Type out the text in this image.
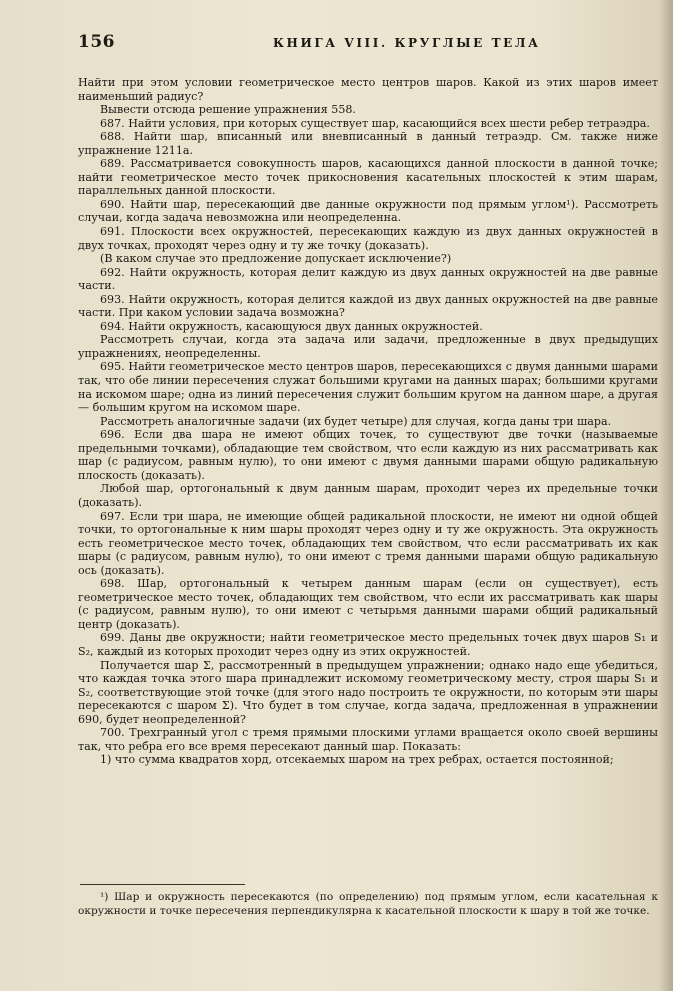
156	КНИГА VIII. КРУГЛЫЕ ТЕЛА

Найти при этом условии геометрическое место центров шаров. Какой из этих шаров имеет наименьший радиус?

Вывести отсюда решение упражнения 558.

687. Найти условия, при которых существует шар, касающийся всех шести ребер тетраэдра.

688. Найти шар, вписанный или вневписанный в данный тетраэдр. См. также ниже упражнение 1211а.

689. Рассматривается совокупность шаров, касающихся данной плоскости в данной точке; найти геометрическое место точек прикосновения касательных плоскостей к этим шарам, параллельных данной плоскости.

690. Найти шар, пересекающий две данные окружности под прямым углом¹). Рассмотреть случаи, когда задача невозможна или неопределенна.

691. Плоскости всех окружностей, пересекающих каждую из двух данных окружностей в двух точках, проходят через одну и ту же точку (доказать).

(В каком случае это предложение допускает исключение?)

692. Найти окружность, которая делит каждую из двух данных окружностей на две равные части.

693. Найти окружность, которая делится каждой из двух данных окружностей на две равные части. При каком условии задача возможна?

694. Найти окружность, касающуюся двух данных окружностей.

Рассмотреть случаи, когда эта задача или задачи, предложенные в двух предыдущих упражнениях, неопределенны.

695. Найти геометрическое место центров шаров, пересекающихся с двумя данными шарами так, что обе линии пересечения служат большими кругами на данных шарах; большими кругами на искомом шаре; одна из линий пересечения служит большим кругом на данном шаре, а другая — большим кругом на искомом шаре.

Рассмотреть аналогичные задачи (их будет четыре) для случая, когда даны три шара.

696. Если два шара не имеют общих точек, то существуют две точки (называемые предельными точками), обладающие тем свойством, что если каждую из них рассматривать как шар (с радиусом, равным нулю), то они имеют с двумя данными шарами общую радикальную плоскость (доказать).

Любой шар, ортогональный к двум данным шарам, проходит через их предельные точки (доказать).

697. Если три шара, не имеющие общей радикальной плоскости, не имеют ни одной общей точки, то ортогональные к ним шары проходят через одну и ту же окружность. Эта окружность есть геометрическое место точек, обладающих тем свойством, что если рассматривать их как шары (с радиусом, равным нулю), то они имеют с тремя данными шарами общую радикальную ось (доказать).

698. Шар, ортогональный к четырем данным шарам (если он существует), есть геометрическое место точек, обладающих тем свойством, что если их рассматривать как шары (с радиусом, равным нулю), то они имеют с четырьмя данными шарами общий радикальный центр (доказать).

699. Даны две окружности; найти геометрическое место предельных точек двух шаров S₁ и S₂, каждый из которых проходит через одну из этих окружностей.

Получается шар Σ, рассмотренный в предыдущем упражнении; однако надо еще убедиться, что каждая точка этого шара принадлежит искомому геометрическому месту, строя шары S₁ и S₂, соответствующие этой точке (для этого надо построить те окружности, по которым эти шары пересекаются с шаром Σ). Что будет в том случае, когда задача, предложенная в упражнении 690, будет неопределенной?

700. Трехгранный угол с тремя прямыми плоскими углами вращается около своей вершины так, что ребра его все время пересекают данный шар. Показать:

1) что сумма квадратов хорд, отсекаемых шаром на трех ребрах, остается постоянной;

¹) Шар и окружность пересекаются (по определению) под прямым углом, если касательная к окружности и точке пересечения перпендикулярна к касательной плоскости к шару в той же точке.
